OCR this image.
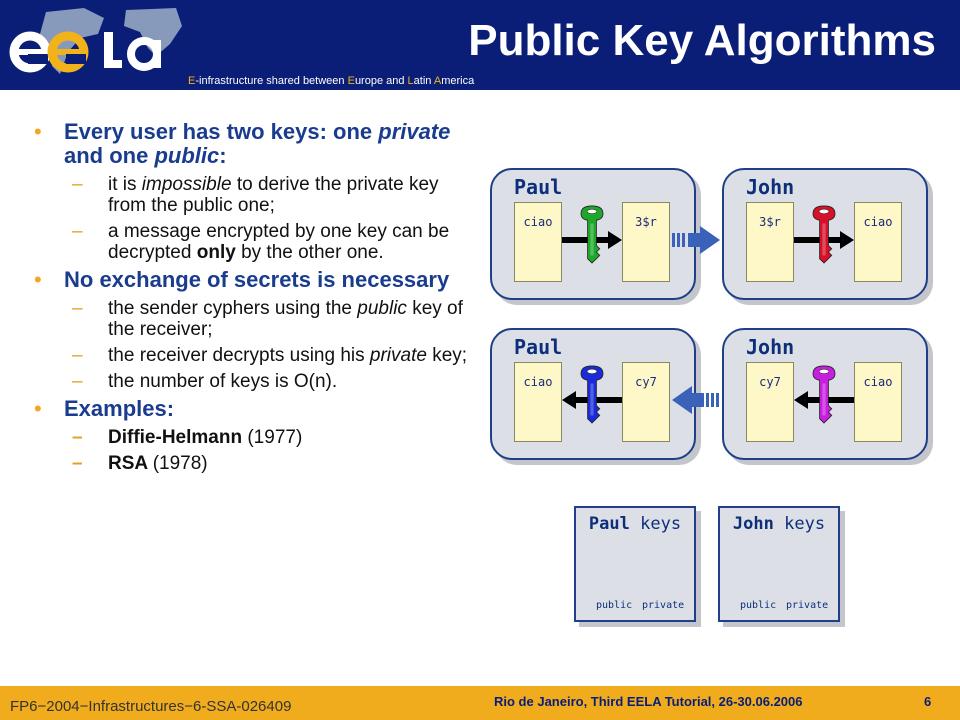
E-infrastructure shared between Europe and Latin America
Public Key Algorithms
• Every user has two keys: one private and one public:
– it is impossible to derive the private key from the public one;
– a message encrypted by one key can be decrypted only by the other one.
• No exchange of secrets is necessary
– the sender cyphers using the public key of the receiver;
– the receiver decrypts using his private key;
– the number of keys is O(n).
• Examples:
– Diffie-Helmann (1977)
– RSA (1978)
Paul
ciao	3$r
John
3$r	ciao
Paul
ciao	cy7
John
cy7	ciao
Paul keys
public private
John keys
public private
FP6−2004−Infrastructures−6-SSA-026409	Rio de Janeiro, Third EELA Tutorial, 26-30.06.2006	6
